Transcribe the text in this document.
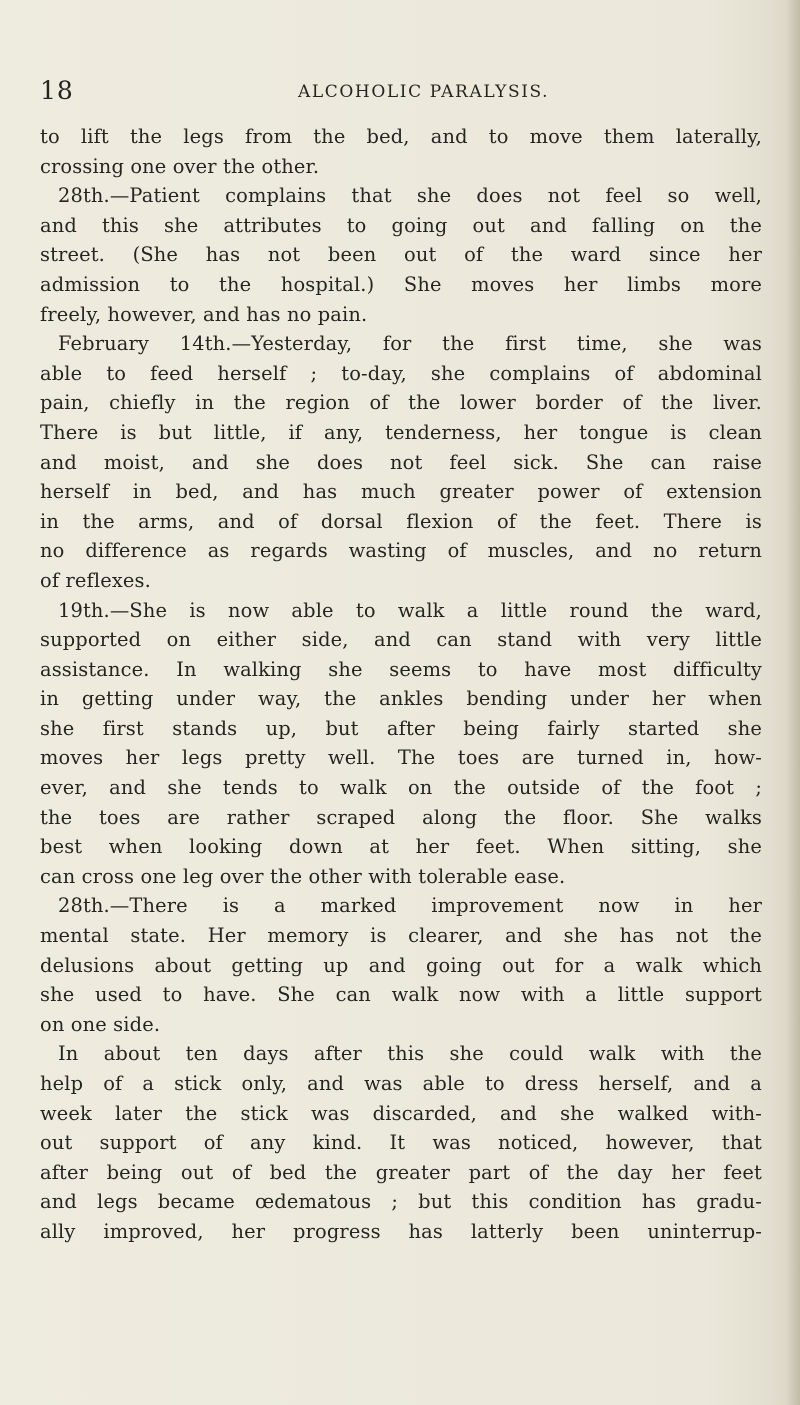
18	ALCOHOLIC PARALYSIS.
to lift the legs from the bed, and to move them laterally,
crossing one over the other.
28th.—Patient complains that she does not feel so well,
and this she attributes to going out and falling on the
street. (She has not been out of the ward since her
admission to the hospital.) She moves her limbs more
freely, however, and has no pain.
February 14th.—Yesterday, for the first time, she was
able to feed herself ; to-day, she complains of abdominal
pain, chiefly in the region of the lower border of the liver.
There is but little, if any, tenderness, her tongue is clean
and moist, and she does not feel sick. She can raise
herself in bed, and has much greater power of extension
in the arms, and of dorsal flexion of the feet. There is
no difference as regards wasting of muscles, and no return
of reflexes.
19th.—She is now able to walk a little round the ward,
supported on either side, and can stand with very little
assistance. In walking she seems to have most difficulty
in getting under way, the ankles bending under her when
she first stands up, but after being fairly started she
moves her legs pretty well. The toes are turned in, how-
ever, and she tends to walk on the outside of the foot ;
the toes are rather scraped along the floor. She walks
best when looking down at her feet. When sitting, she
can cross one leg over the other with tolerable ease.
28th.—There is a marked improvement now in her
mental state. Her memory is clearer, and she has not the
delusions about getting up and going out for a walk which
she used to have. She can walk now with a little support
on one side.
In about ten days after this she could walk with the
help of a stick only, and was able to dress herself, and a
week later the stick was discarded, and she walked with-
out support of any kind. It was noticed, however, that
after being out of bed the greater part of the day her feet
and legs became œdematous ; but this condition has gradu-
ally improved, her progress has latterly been uninterrup-
